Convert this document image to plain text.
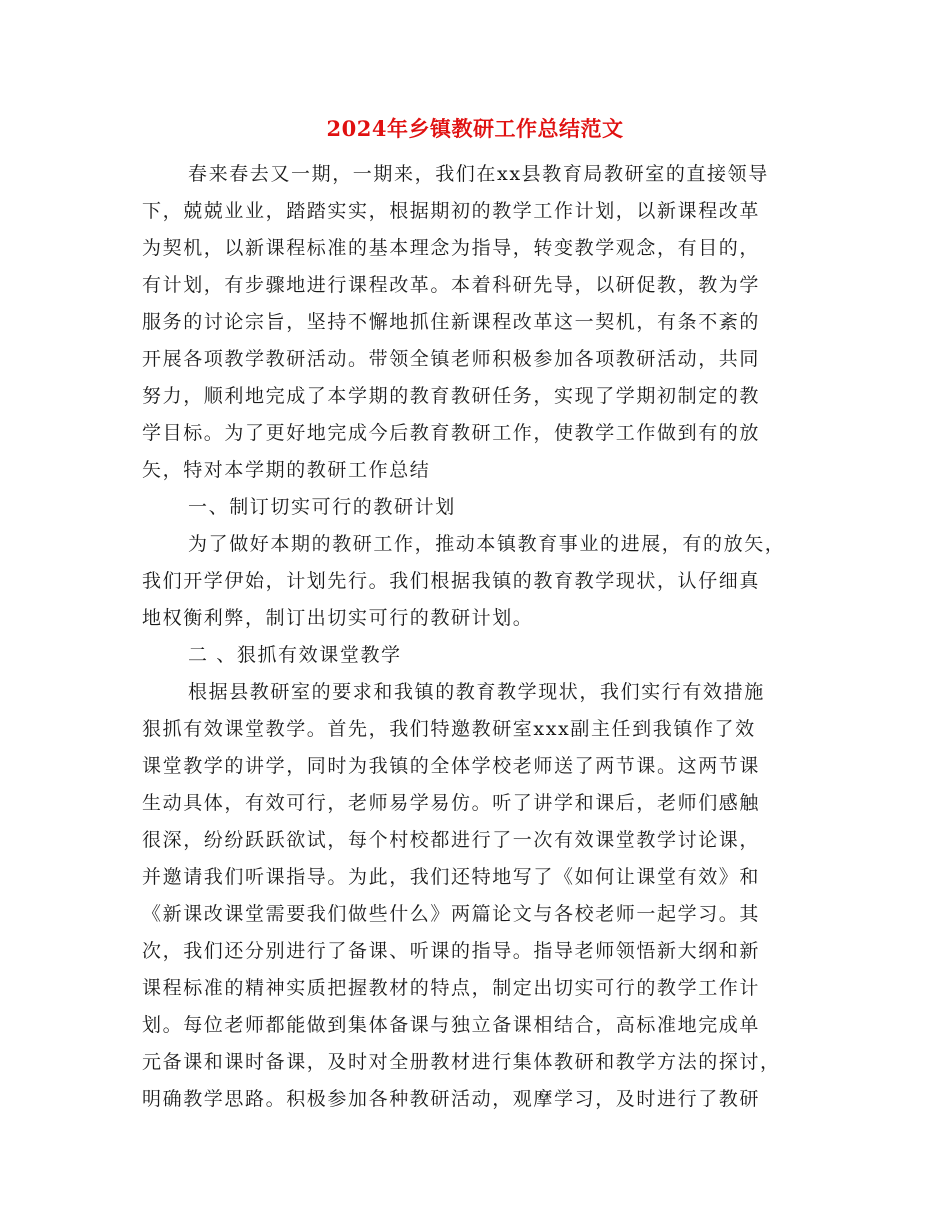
2024年乡镇教研工作总结范文
春来春去又一期，一期来，我们在xx县教育局教研室的直接领导
下，兢兢业业，踏踏实实，根据期初的教学工作计划，以新课程改革
为契机，以新课程标准的基本理念为指导，转变教学观念，有目的，
有计划，有步骤地进行课程改革。本着科研先导，以研促教，教为学
服务的讨论宗旨，坚持不懈地抓住新课程改革这一契机，有条不紊的
开展各项教学教研活动。带领全镇老师积极参加各项教研活动，共同
努力，顺利地完成了本学期的教育教研任务，实现了学期初制定的教
学目标。为了更好地完成今后教育教研工作，使教学工作做到有的放
矢，特对本学期的教研工作总结
一、制订切实可行的教研计划
为了做好本期的教研工作，推动本镇教育事业的进展，有的放矢，
我们开学伊始，计划先行。我们根据我镇的教育教学现状，认仔细真
地权衡利弊，制订出切实可行的教研计划。
二 、狠抓有效课堂教学
根据县教研室的要求和我镇的教育教学现状，我们实行有效措施
狠抓有效课堂教学。首先，我们特邀教研室xxx副主任到我镇作了效
课堂教学的讲学，同时为我镇的全体学校老师送了两节课。这两节课
生动具体，有效可行，老师易学易仿。听了讲学和课后，老师们感触
很深，纷纷跃跃欲试，每个村校都进行了一次有效课堂教学讨论课，
并邀请我们听课指导。为此，我们还特地写了《如何让课堂有效》和
《新课改课堂需要我们做些什么》两篇论文与各校老师一起学习。其
次，我们还分别进行了备课、听课的指导。指导老师领悟新大纲和新
课程标准的精神实质把握教材的特点，制定出切实可行的教学工作计
划。每位老师都能做到集体备课与独立备课相结合，高标准地完成单
元备课和课时备课，及时对全册教材进行集体教研和教学方法的探讨，
明确教学思路。积极参加各种教研活动，观摩学习，及时进行了教研
